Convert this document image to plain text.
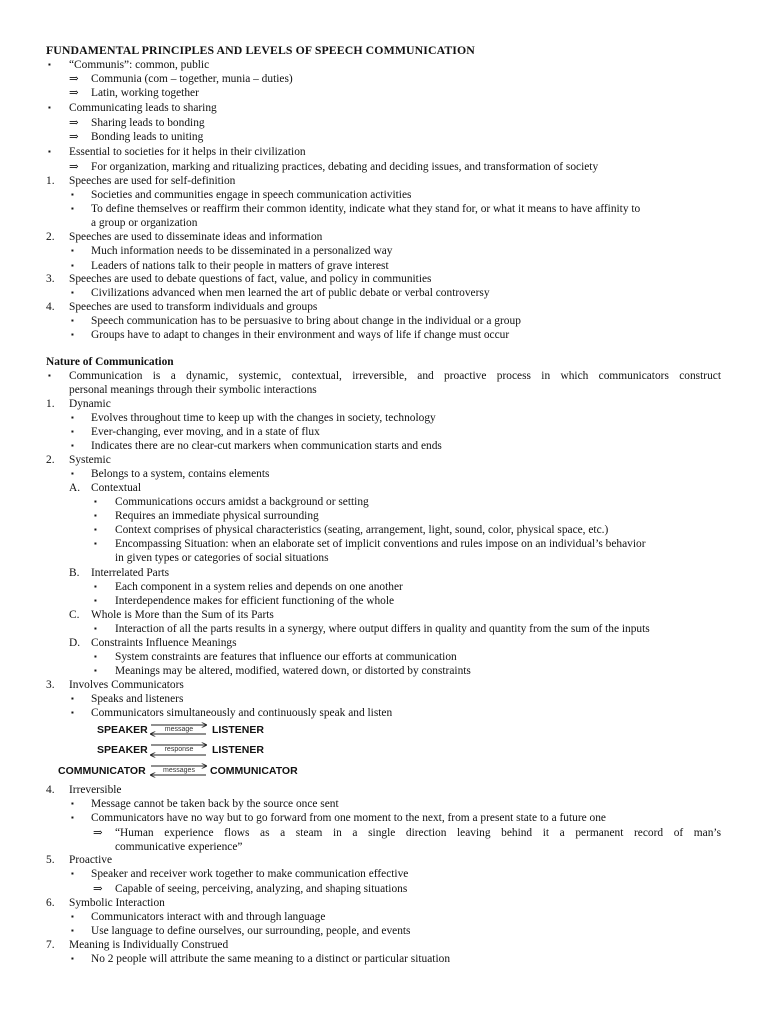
FUNDAMENTAL PRINCIPLES AND LEVELS OF SPEECH COMMUNICATION
▪ “Communis”: common, public
⇒ Communia (com – together, munia – duties)
⇒ Latin, working together
▪ Communicating leads to sharing
⇒ Sharing leads to bonding
⇒ Bonding leads to uniting
▪ Essential to societies for it helps in their civilization
⇒ For organization, marking and ritualizing practices, debating and deciding issues, and transformation of society
1. Speeches are used for self-definition
▪ Societies and communities engage in speech communication activities
▪ To define themselves or reaffirm their common identity, indicate what they stand for, or what it means to have affinity to
a group or organization
2. Speeches are used to disseminate ideas and information
▪ Much information needs to be disseminated in a personalized way
▪ Leaders of nations talk to their people in matters of grave interest
3. Speeches are used to debate questions of fact, value, and policy in communities
▪ Civilizations advanced when men learned the art of public debate or verbal controversy
4. Speeches are used to transform individuals and groups
▪ Speech communication has to be persuasive to bring about change in the individual or a group
▪ Groups have to adapt to changes in their environment and ways of life if change must occur
Nature of Communication
▪ Communication is a dynamic, systemic, contextual, irreversible, and proactive process in which communicators construct
personal meanings through their symbolic interactions
1. Dynamic
▪ Evolves throughout time to keep up with the changes in society, technology
▪ Ever-changing, ever moving, and in a state of flux
▪ Indicates there are no clear-cut markers when communication starts and ends
2. Systemic
▪ Belongs to a system, contains elements
A. Contextual
▪ Communications occurs amidst a background or setting
▪ Requires an immediate physical surrounding
▪ Context comprises of physical characteristics (seating, arrangement, light, sound, color, physical space, etc.)
▪ Encompassing Situation: when an elaborate set of implicit conventions and rules impose on an individual’s behavior
in given types or categories of social situations
B. Interrelated Parts
▪ Each component in a system relies and depends on one another
▪ Interdependence makes for efficient functioning of the whole
C. Whole is More than the Sum of its Parts
▪ Interaction of all the parts results in a synergy, where output differs in quality and quantity from the sum of the inputs
D. Constraints Influence Meanings
▪ System constraints are features that influence our efforts at communication
▪ Meanings may be altered, modified, watered down, or distorted by constraints
3. Involves Communicators
▪ Speaks and listeners
▪ Communicators simultaneously and continuously speak and listen
SPEAKER	message	LISTENER
SPEAKER	response	LISTENER
COMMUNICATOR	messages	COMMUNICATOR
4. Irreversible
▪ Message cannot be taken back by the source once sent
▪ Communicators have no way but to go forward from one moment to the next, from a present state to a future one
⇒ “Human experience flows as a steam in a single direction leaving behind it a permanent record of man’s
communicative experience”
5. Proactive
▪ Speaker and receiver work together to make communication effective
⇒ Capable of seeing, perceiving, analyzing, and shaping situations
6. Symbolic Interaction
▪ Communicators interact with and through language
▪ Use language to define ourselves, our surrounding, people, and events
7. Meaning is Individually Construed
▪ No 2 people will attribute the same meaning to a distinct or particular situation
